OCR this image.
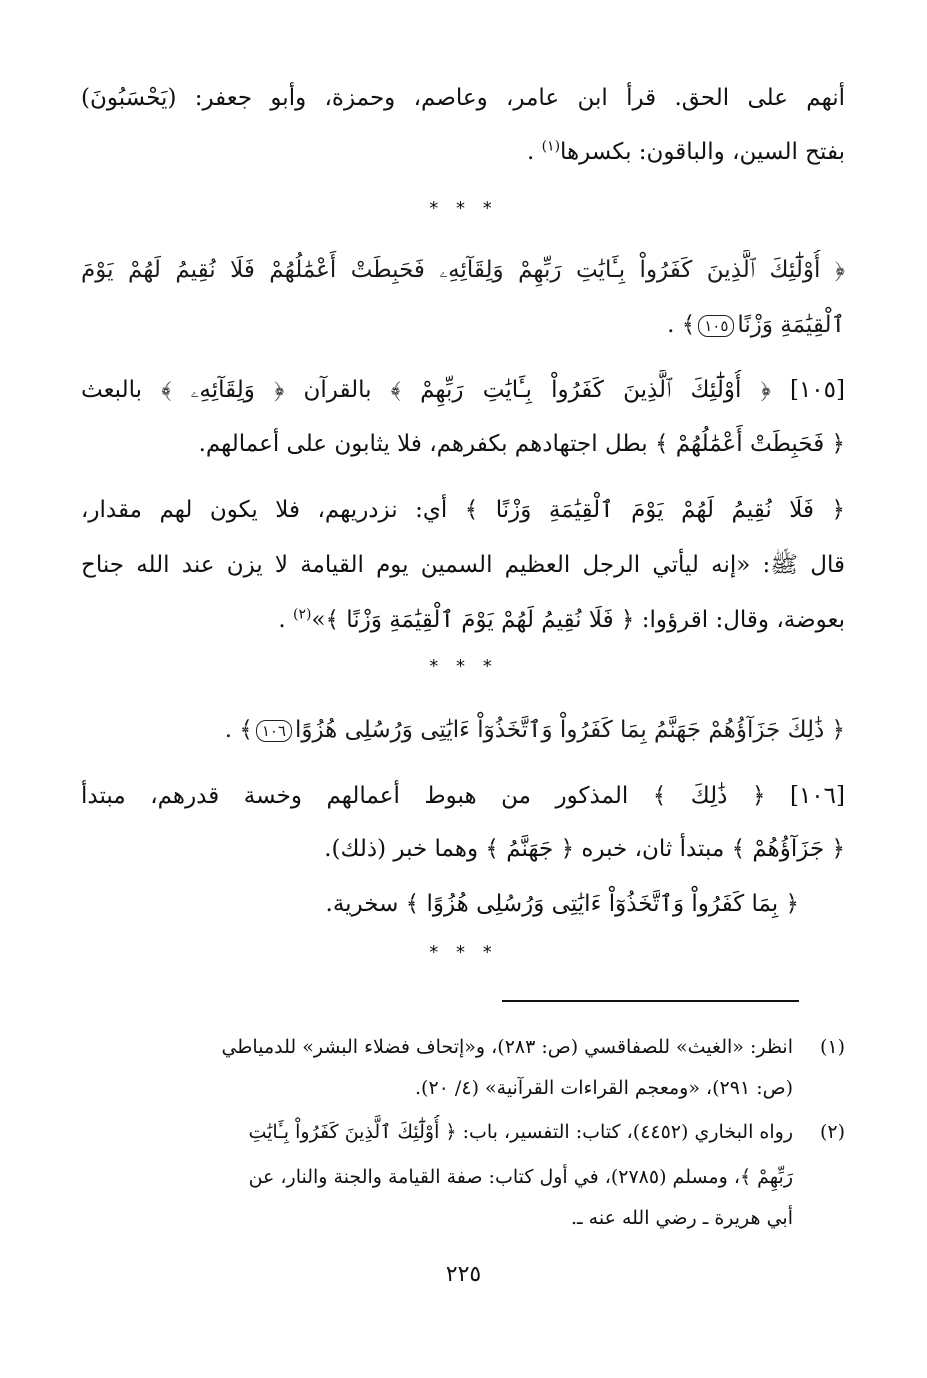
أنهم على الحق. قرأ ابن عامر، وعاصم، وحمزة، وأبو جعفر: (يَحْسَبُونَ)
بفتح السين، والباقون: بكسرها$^{(١)}$ .
* * *
﴿ أُوْلَٰٓئِكَ ٱلَّذِينَ كَفَرُواْ بِـَٔايَٰتِ رَبِّهِمْ وَلِقَآئِهِۦ فَحَبِطَتْ أَعْمَٰلُهُمْ فَلَا نُقِيمُ لَهُمْ يَوْمَ
ٱلْقِيَٰمَةِ وَزْنًا١٠٥﴾ .
[١٠٥] ﴿ أُوْلَٰٓئِكَ ٱلَّذِينَ كَفَرُواْ بِـَٔايَٰتِ رَبِّهِمْ ﴾ بالقرآن ﴿ وَلِقَآئِهِۦ ﴾ بالبعث
﴿ فَحَبِطَتْ أَعْمَٰلُهُمْ ﴾ بطل اجتهادهم بكفرهم، فلا يثابون على أعمالهم.
﴿ فَلَا نُقِيمُ لَهُمْ يَوْمَ ٱلْقِيَٰمَةِ وَزْنًا ﴾ أي: نزدريهم، فلا يكون لهم مقدار،
قال ﷺ: «إنه ليأتي الرجل العظيم السمين يوم القيامة لا يزن عند الله جناح
بعوضة، وقال: اقرؤوا: ﴿ فَلَا نُقِيمُ لَهُمْ يَوْمَ ٱلْقِيَٰمَةِ وَزْنًا ﴾»$^{(٢)}$ .
* * *
﴿ ذَٰلِكَ جَزَآؤُهُمْ جَهَنَّمُ بِمَا كَفَرُواْ وَٱتَّخَذُوٓاْ ءَايَٰتِى وَرُسُلِى هُزُوًا١٠٦﴾ .
[١٠٦] ﴿ ذَٰلِكَ ﴾ المذكور من هبوط أعمالهم وخسة قدرهم، مبتدأ
﴿ جَزَآؤُهُمْ ﴾ مبتدأ ثان، خبره ﴿ جَهَنَّمُ ﴾ وهما خبر (ذلك).
﴿ بِمَا كَفَرُواْ وَٱتَّخَذُوٓاْ ءَايَٰتِى وَرُسُلِى هُزُوًا ﴾ سخرية.
* * *
(١)انظر: «الغيث» للصفاقسي (ص: ٢٨٣)، و«إتحاف فضلاء البشر» للدمياطي
(ص: ٢٩١)، «ومعجم القراءات القرآنية» (٤/ ٢٠).
(٢)رواه البخاري (٤٤٥٢)، كتاب: التفسير، باب: ﴿ أُوْلَٰٓئِكَ ٱلَّذِينَ كَفَرُواْ بِـَٔايَٰتِ
رَبِّهِمْ ﴾، ومسلم (٢٧٨٥)، في أول كتاب: صفة القيامة والجنة والنار، عن
أبي هريرة ـ رضي الله عنه ـ.
٢٢٥
